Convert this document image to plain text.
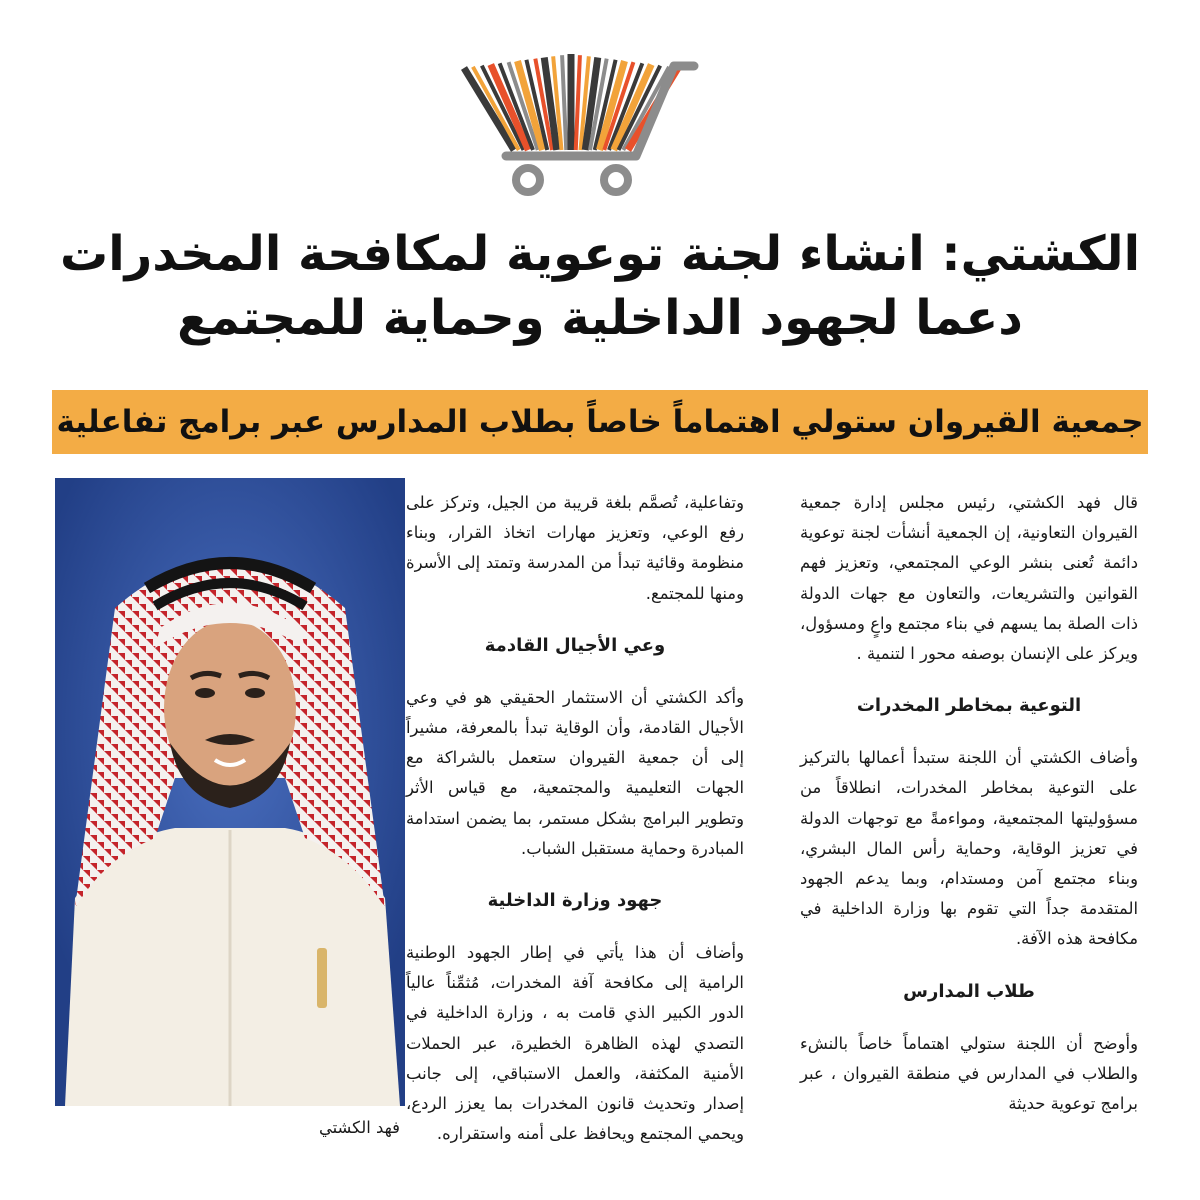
الكشتي: انشاء لجنة توعوية لمكافحة المخدرات
دعما لجهود الداخلية وحماية للمجتمع
جمعية القيروان ستولي اهتماماً خاصاً بطلاب المدارس عبر برامج تفاعلية

قال فهد الكشتي، رئيس مجلس إدارة جمعية القيروان التعاونية، إن الجمعية أنشأت لجنة توعوية دائمة تُعنى بنشر الوعي المجتمعي، وتعزيز فهم القوانين والتشريعات، والتعاون مع جهات الدولة ذات الصلة بما يسهم في بناء مجتمع واعٍ ومسؤول، ويركز على الإنسان بوصفه محور ا لتنمية .

التوعية بمخاطر المخدرات

وأضاف الكشتي أن اللجنة ستبدأ أعمالها بالتركيز على التوعية بمخاطر المخدرات، انطلاقاً من مسؤوليتها المجتمعية، ومواءمةً مع توجهات الدولة في تعزيز الوقاية، وحماية رأس المال البشري، وبناء مجتمع آمن ومستدام، وبما يدعم الجهود المتقدمة جداً التي تقوم بها وزارة الداخلية في مكافحة هذه الآفة.

طلاب المدارس

وأوضح أن اللجنة ستولي اهتماماً خاصاً بالنشء والطلاب في المدارس في منطقة القيروان ، عبر برامج توعوية حديثة

وتفاعلية، تُصمَّم بلغة قريبة من الجيل، وتركز على رفع الوعي، وتعزيز مهارات اتخاذ القرار، وبناء منظومة وقائية تبدأ من المدرسة وتمتد إلى الأسرة ومنها للمجتمع.

وعي الأجيال القادمة

وأكد الكشتي أن الاستثمار الحقيقي هو في وعي الأجيال القادمة، وأن الوقاية تبدأ بالمعرفة، مشيراً إلى أن جمعية القيروان ستعمل بالشراكة مع الجهات التعليمية والمجتمعية، مع قياس الأثر وتطوير البرامج بشكل مستمر، بما يضمن استدامة المبادرة وحماية مستقبل الشباب.

جهود وزارة الداخلية

وأضاف أن هذا يأتي في إطار الجهود الوطنية الرامية إلى مكافحة آفة المخدرات، مُثمِّناً عالياً الدور الكبير الذي قامت به ، وزارة الداخلية في التصدي لهذه الظاهرة الخطيرة، عبر الحملات الأمنية المكثفة، والعمل الاستباقي، إلى جانب إصدار وتحديث قانون المخدرات بما يعزز الردع، ويحمي المجتمع ويحافظ على أمنه واستقراره.

فهد الكشتي
